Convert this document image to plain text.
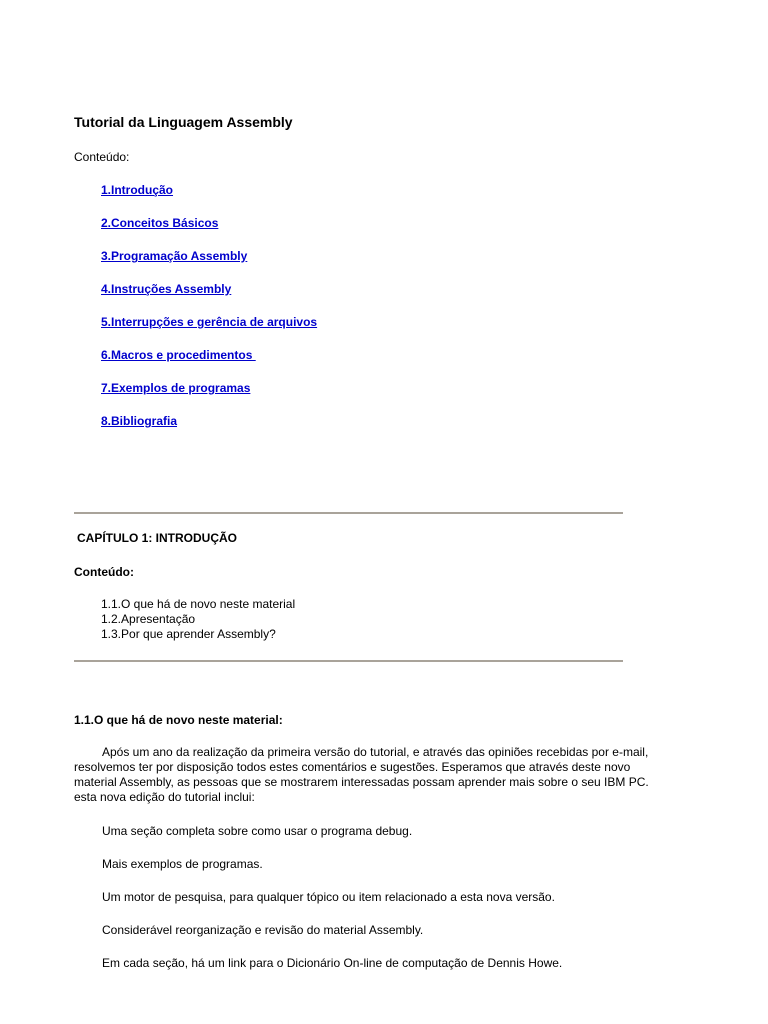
Tutorial da Linguagem Assembly
Conteúdo:
1.Introdução
2.Conceitos Básicos
3.Programação Assembly
4.Instruções Assembly
5.Interrupções e gerência de arquivos
6.Macros e procedimentos
7.Exemplos de programas
8.Bibliografia
CAPÍTULO 1: INTRODUÇÃO
Conteúdo:
1.1.O que há de novo neste material
1.2.Apresentação
1.3.Por que aprender Assembly?
1.1.O que há de novo neste material:
Após um ano da realização da primeira versão do tutorial, e através das opiniões recebidas por e-mail,
resolvemos ter por disposição todos estes comentários e sugestões. Esperamos que através deste novo
material Assembly, as pessoas que se mostrarem interessadas possam aprender mais sobre o seu IBM PC.
esta nova edição do tutorial inclui:
Uma seção completa sobre como usar o programa debug.
Mais exemplos de programas.
Um motor de pesquisa, para qualquer tópico ou item relacionado a esta nova versão.
Considerável reorganização e revisão do material Assembly.
Em cada seção, há um link para o Dicionário On-line de computação de Dennis Howe.
